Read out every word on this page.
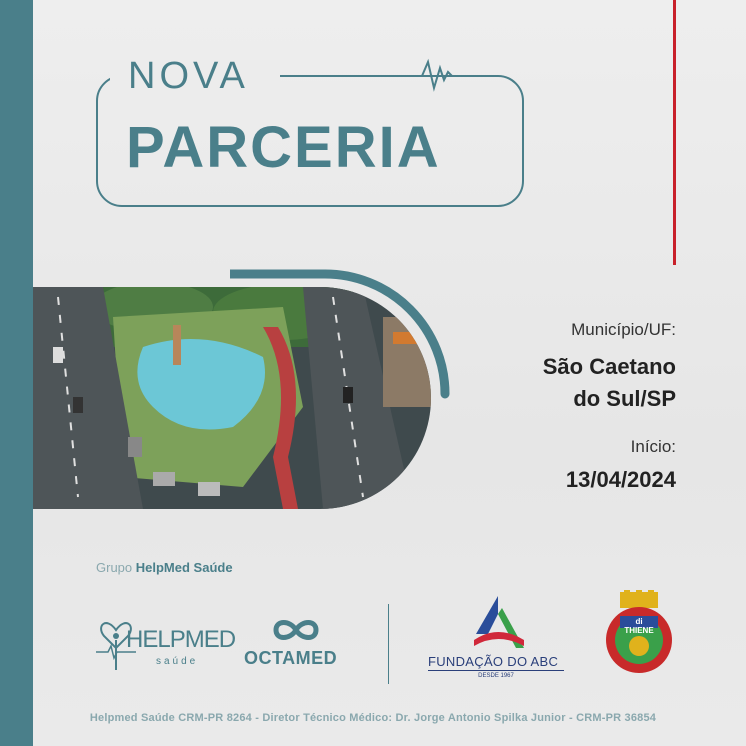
NOVA
PARCERIA
Município/UF:
São Caetano
do Sul/SP
Início:
13/04/2024
Grupo HelpMed Saúde
HELPMED
saúde	OCTAMED	FUNDAÇÃO DO ABC
DESDE 1967
di THIENE
Helpmed Saúde CRM-PR 8264 - Diretor Técnico Médico: Dr. Jorge Antonio Spilka Junior - CRM-PR 36854
